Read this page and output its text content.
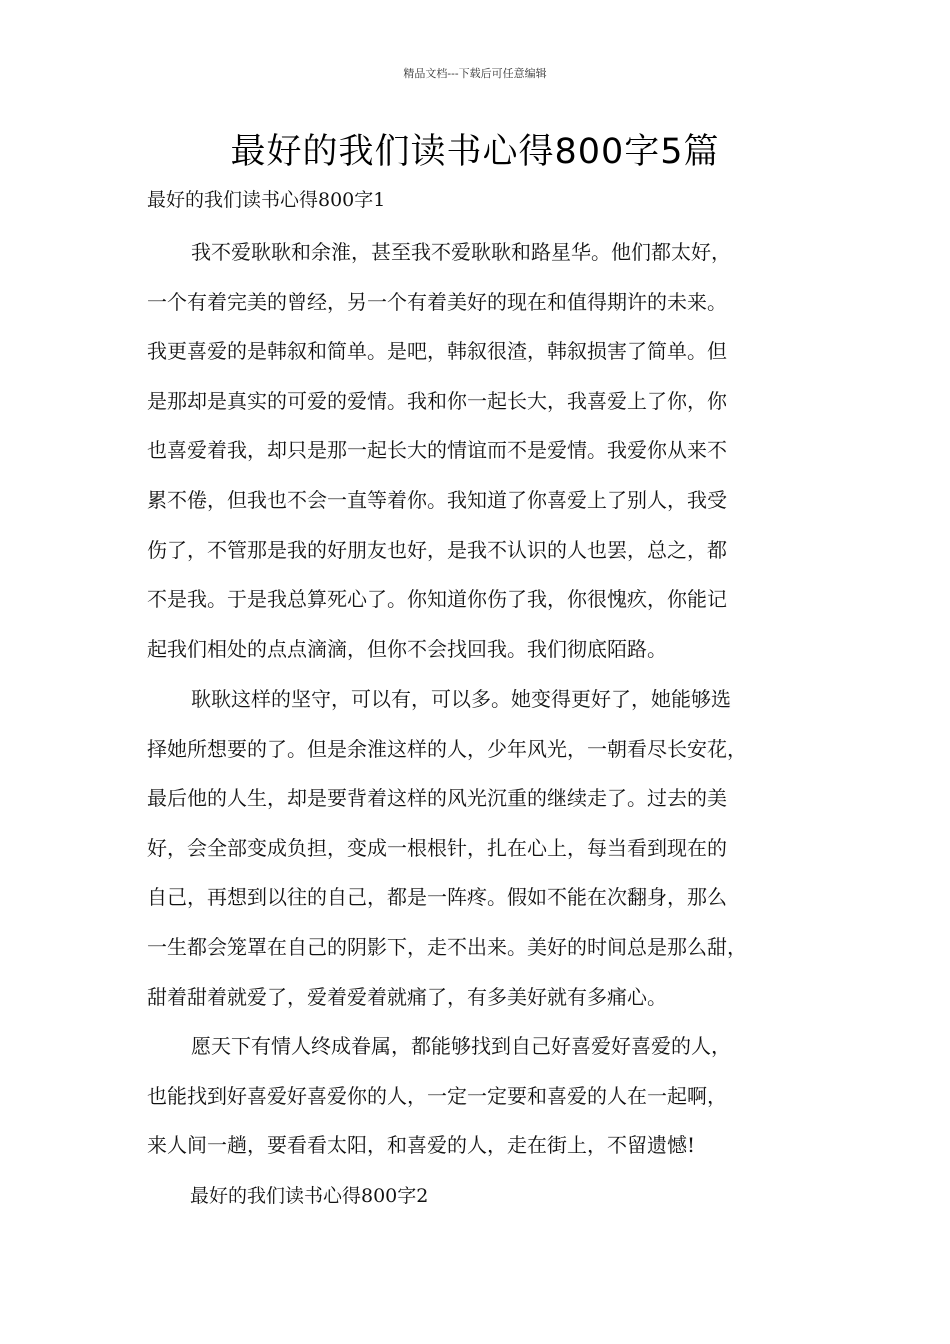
精品文档---下载后可任意编辑
最好的我们读书心得800字5篇
最好的我们读书心得800字1
我不爱耿耿和余淮，甚至我不爱耿耿和路星华。他们都太好，
一个有着完美的曾经，另一个有着美好的现在和值得期许的未来。
我更喜爱的是韩叙和简单。是吧，韩叙很渣，韩叙损害了简单。但
是那却是真实的可爱的爱情。我和你一起长大，我喜爱上了你，你
也喜爱着我，却只是那一起长大的情谊而不是爱情。我爱你从来不
累不倦，但我也不会一直等着你。我知道了你喜爱上了别人，我受
伤了，不管那是我的好朋友也好，是我不认识的人也罢，总之，都
不是我。于是我总算死心了。你知道你伤了我，你很愧疚，你能记
起我们相处的点点滴滴，但你不会找回我。我们彻底陌路。
耿耿这样的坚守，可以有，可以多。她变得更好了，她能够选
择她所想要的了。但是余淮这样的人，少年风光，一朝看尽长安花，
最后他的人生，却是要背着这样的风光沉重的继续走了。过去的美
好，会全部变成负担，变成一根根针，扎在心上，每当看到现在的
自己，再想到以往的自己，都是一阵疼。假如不能在次翻身，那么
一生都会笼罩在自己的阴影下，走不出来。美好的时间总是那么甜，
甜着甜着就爱了，爱着爱着就痛了，有多美好就有多痛心。
愿天下有情人终成眷属，都能够找到自己好喜爱好喜爱的人，
也能找到好喜爱好喜爱你的人，一定一定要和喜爱的人在一起啊，
来人间一趟，要看看太阳，和喜爱的人，走在街上，不留遗憾!
最好的我们读书心得800字2
